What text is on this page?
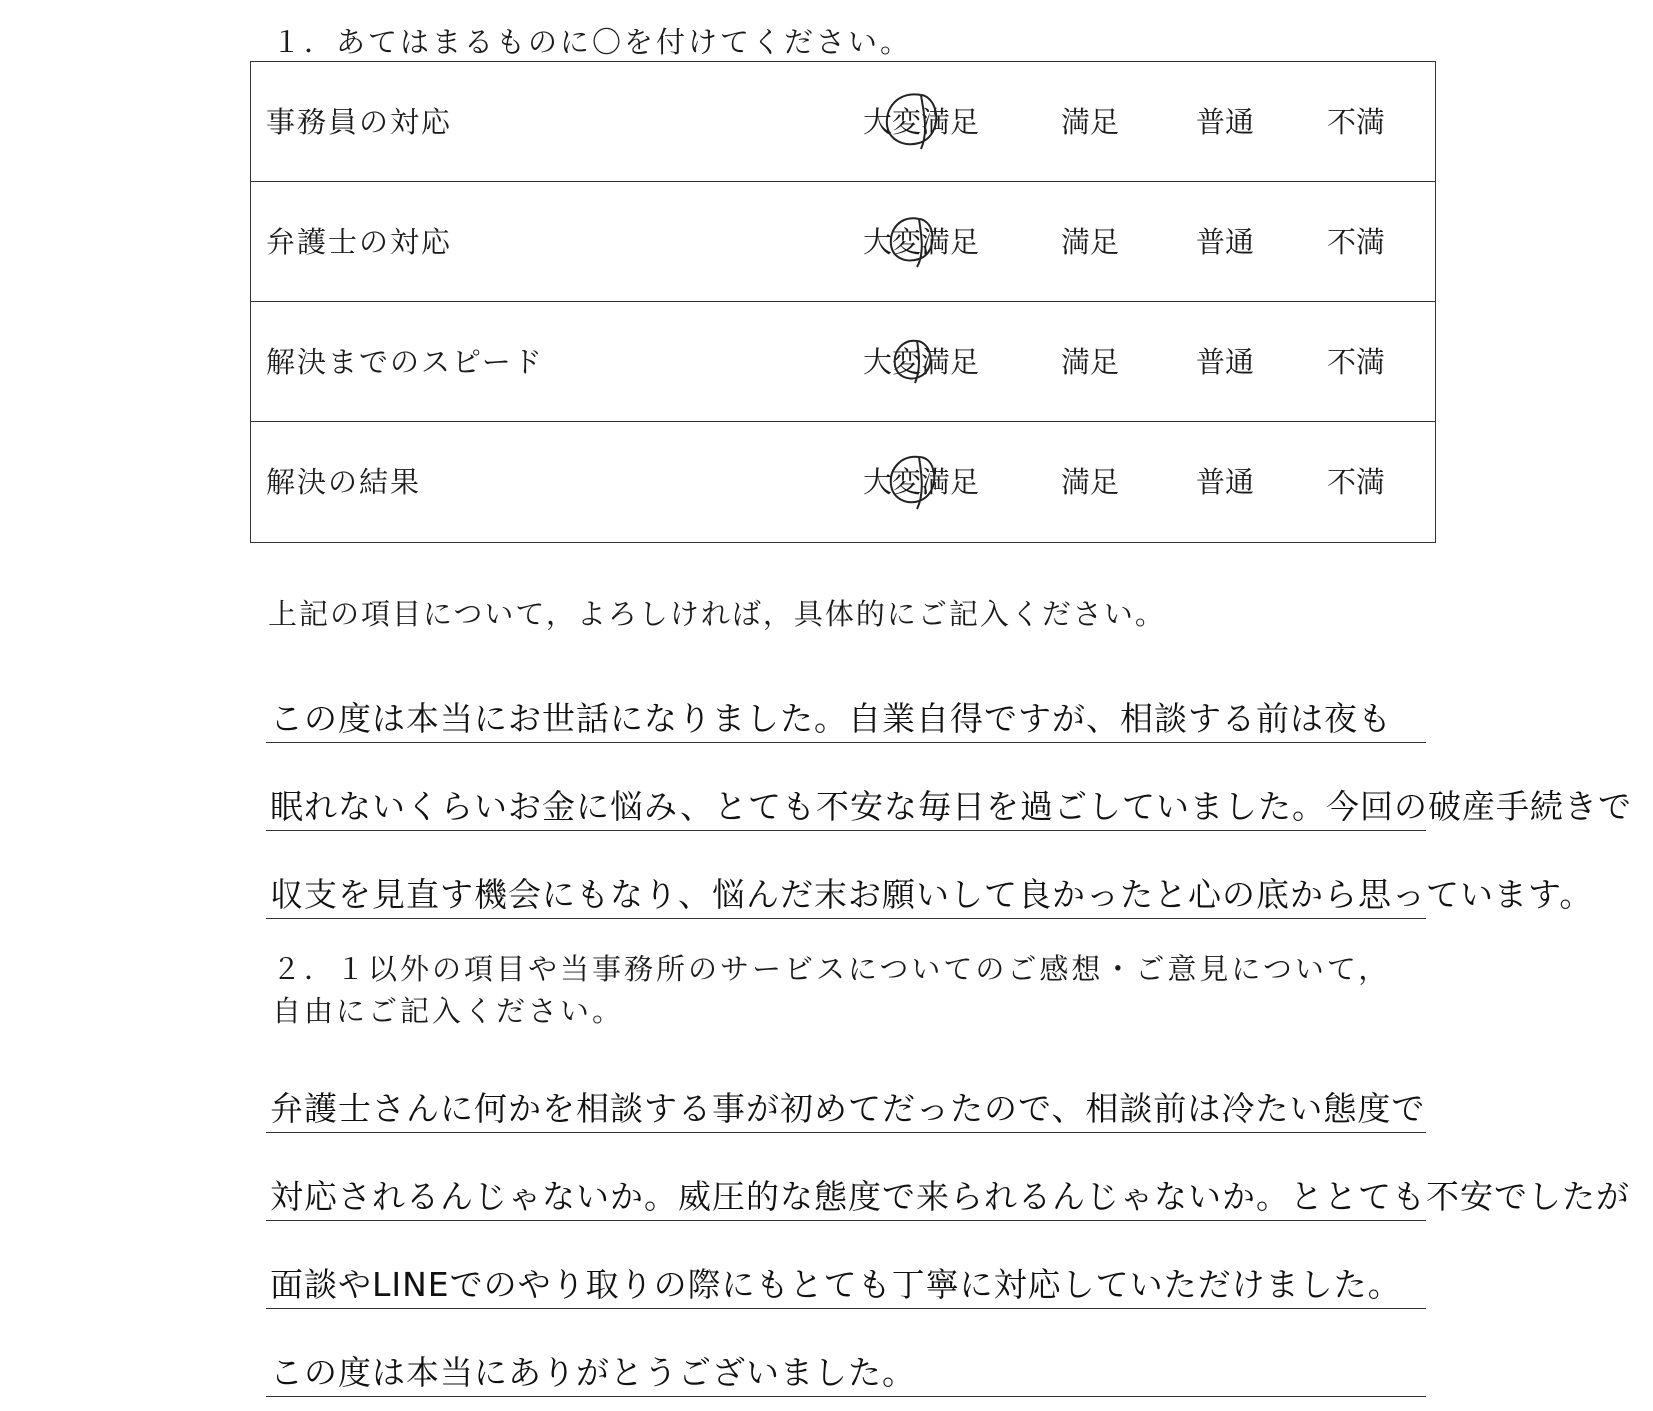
１．あてはまるものに〇を付けてください。
事務員の対応	大変満足	満足	普通	不満
弁護士の対応	大変満足	満足	普通	不満
解決までのスピード	大変満足	満足	普通	不満
解決の結果	大変満足	満足	普通	不満
上記の項目について，よろしければ，具体的にご記入ください。
この度は本当にお世話になりました。自業自得ですが、相談する前は夜も
眠れないくらいお金に悩み、とても不安な毎日を過ごしていました。今回の破産手続きで
収支を見直す機会にもなり、悩んだ末お願いして良かったと心の底から思っています。
２．１以外の項目や当事務所のサービスについてのご感想・ご意見について，
自由にご記入ください。
弁護士さんに何かを相談する事が初めてだったので、相談前は冷たい態度で
対応されるんじゃないか。威圧的な態度で来られるんじゃないか。ととても不安でしたが
面談やLINEでのやり取りの際にもとても丁寧に対応していただけました。
この度は本当にありがとうございました。
